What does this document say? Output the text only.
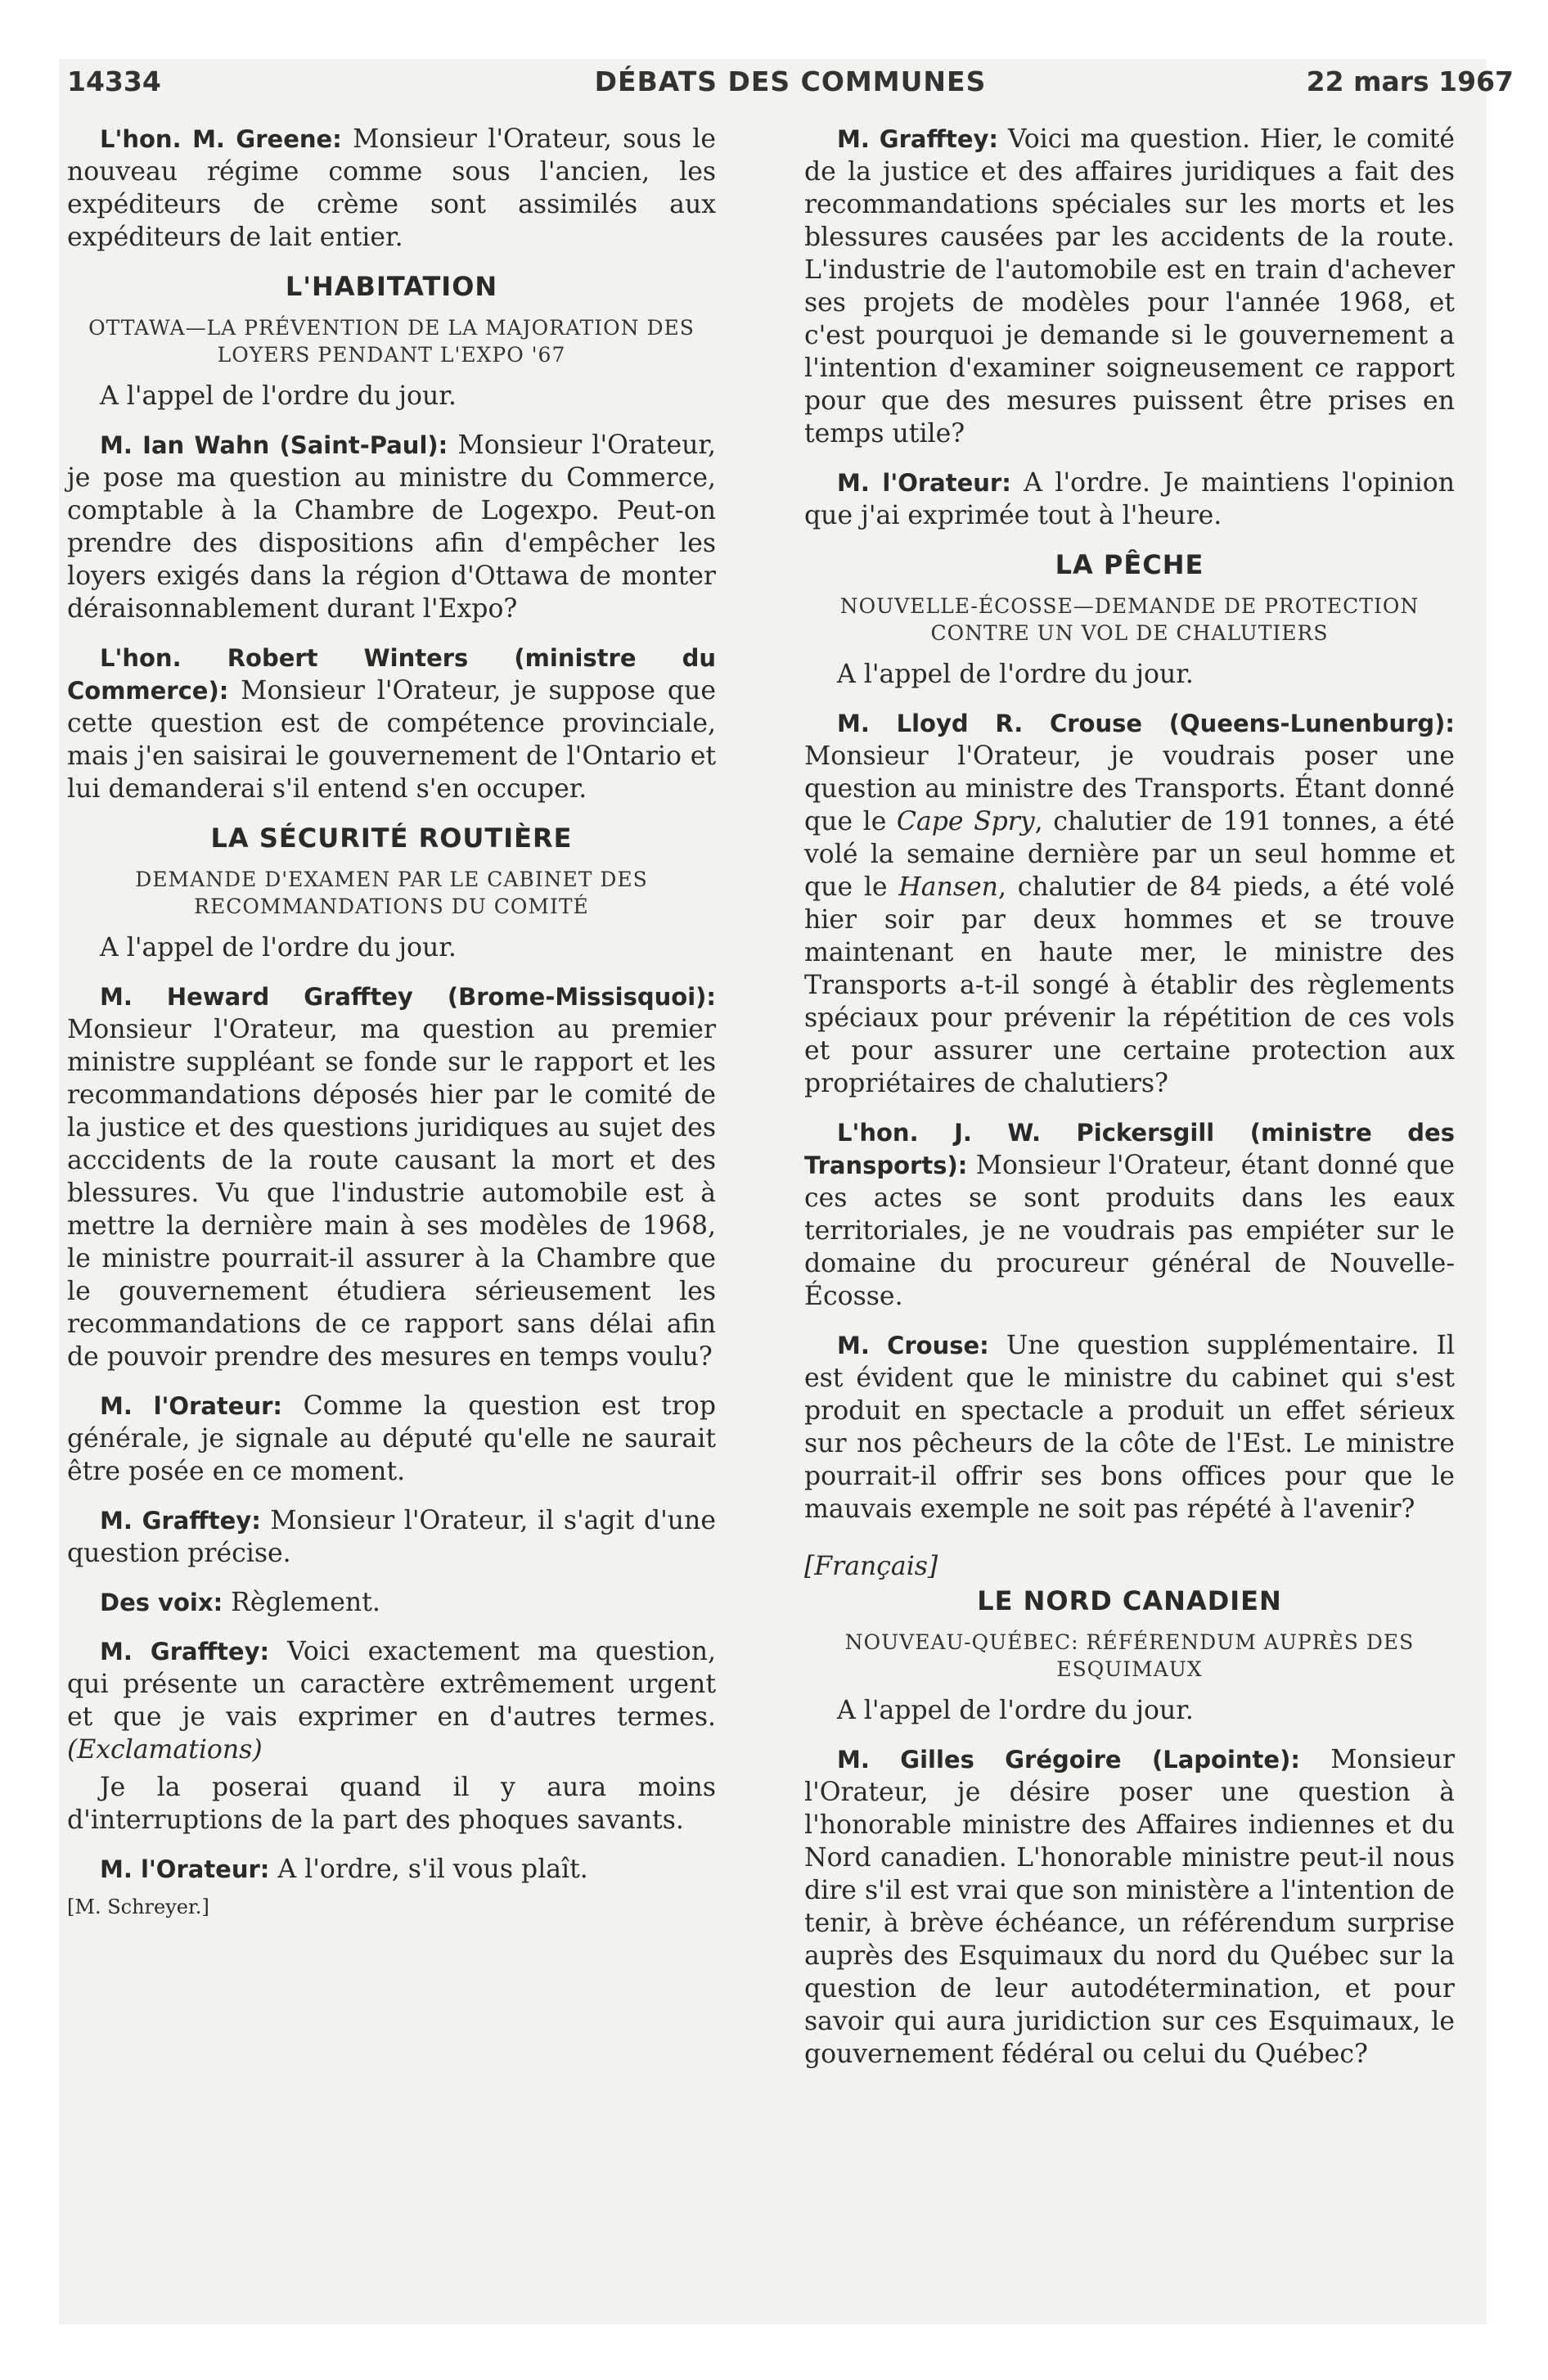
14334	DÉBATS DES COMMUNES	22 mars 1967

L'hon. M. Greene: Monsieur l'Orateur, sous le nouveau régime comme sous l'ancien, les expéditeurs de crème sont assimilés aux expéditeurs de lait entier.

L'HABITATION
OTTAWA—LA PRÉVENTION DE LA MAJORATION DES LOYERS PENDANT L'EXPO '67

A l'appel de l'ordre du jour.

M. Ian Wahn (Saint-Paul): Monsieur l'Orateur, je pose ma question au ministre du Commerce, comptable à la Chambre de Logexpo. Peut-on prendre des dispositions afin d'empêcher les loyers exigés dans la région d'Ottawa de monter déraisonnablement durant l'Expo?

L'hon. Robert Winters (ministre du Commerce): Monsieur l'Orateur, je suppose que cette question est de compétence provinciale, mais j'en saisirai le gouvernement de l'Ontario et lui demanderai s'il entend s'en occuper.

LA SÉCURITÉ ROUTIÈRE
DEMANDE D'EXAMEN PAR LE CABINET DES RECOMMANDATIONS DU COMITÉ

A l'appel de l'ordre du jour.

M. Heward Grafftey (Brome-Missisquoi): Monsieur l'Orateur, ma question au premier ministre suppléant se fonde sur le rapport et les recommandations déposés hier par le comité de la justice et des questions juridiques au sujet des acccidents de la route causant la mort et des blessures. Vu que l'industrie automobile est à mettre la dernière main à ses modèles de 1968, le ministre pourrait-il assurer à la Chambre que le gouvernement étudiera sérieusement les recommandations de ce rapport sans délai afin de pouvoir prendre des mesures en temps voulu?

M. l'Orateur: Comme la question est trop générale, je signale au député qu'elle ne saurait être posée en ce moment.

M. Grafftey: Monsieur l'Orateur, il s'agit d'une question précise.

Des voix: Règlement.

M. Grafftey: Voici exactement ma question, qui présente un caractère extrêmement urgent et que je vais exprimer en d'autres termes. (Exclamations)

Je la poserai quand il y aura moins d'interruptions de la part des phoques savants.

M. l'Orateur: A l'ordre, s'il vous plaît.

[M. Schreyer.]

M. Grafftey: Voici ma question. Hier, le comité de la justice et des affaires juridiques a fait des recommandations spéciales sur les morts et les blessures causées par les accidents de la route. L'industrie de l'automobile est en train d'achever ses projets de modèles pour l'année 1968, et c'est pourquoi je demande si le gouvernement a l'intention d'examiner soigneusement ce rapport pour que des mesures puissent être prises en temps utile?

M. l'Orateur: A l'ordre. Je maintiens l'opinion que j'ai exprimée tout à l'heure.

LA PÊCHE
NOUVELLE-ÉCOSSE—DEMANDE DE PROTECTION CONTRE UN VOL DE CHALUTIERS

A l'appel de l'ordre du jour.

M. Lloyd R. Crouse (Queens-Lunenburg): Monsieur l'Orateur, je voudrais poser une question au ministre des Transports. Étant donné que le Cape Spry, chalutier de 191 tonnes, a été volé la semaine dernière par un seul homme et que le Hansen, chalutier de 84 pieds, a été volé hier soir par deux hommes et se trouve maintenant en haute mer, le ministre des Transports a-t-il songé à établir des règlements spéciaux pour prévenir la répétition de ces vols et pour assurer une certaine protection aux propriétaires de chalutiers?

L'hon. J. W. Pickersgill (ministre des Transports): Monsieur l'Orateur, étant donné que ces actes se sont produits dans les eaux territoriales, je ne voudrais pas empiéter sur le domaine du procureur général de Nouvelle-Écosse.

M. Crouse: Une question supplémentaire. Il est évident que le ministre du cabinet qui s'est produit en spectacle a produit un effet sérieux sur nos pêcheurs de la côte de l'Est. Le ministre pourrait-il offrir ses bons offices pour que le mauvais exemple ne soit pas répété à l'avenir?

[Français]

LE NORD CANADIEN
NOUVEAU-QUÉBEC: RÉFÉRENDUM AUPRÈS DES ESQUIMAUX

A l'appel de l'ordre du jour.

M. Gilles Grégoire (Lapointe): Monsieur l'Orateur, je désire poser une question à l'honorable ministre des Affaires indiennes et du Nord canadien. L'honorable ministre peut-il nous dire s'il est vrai que son ministère a l'intention de tenir, à brève échéance, un référendum surprise auprès des Esquimaux du nord du Québec sur la question de leur autodétermination, et pour savoir qui aura juridiction sur ces Esquimaux, le gouvernement fédéral ou celui du Québec?
